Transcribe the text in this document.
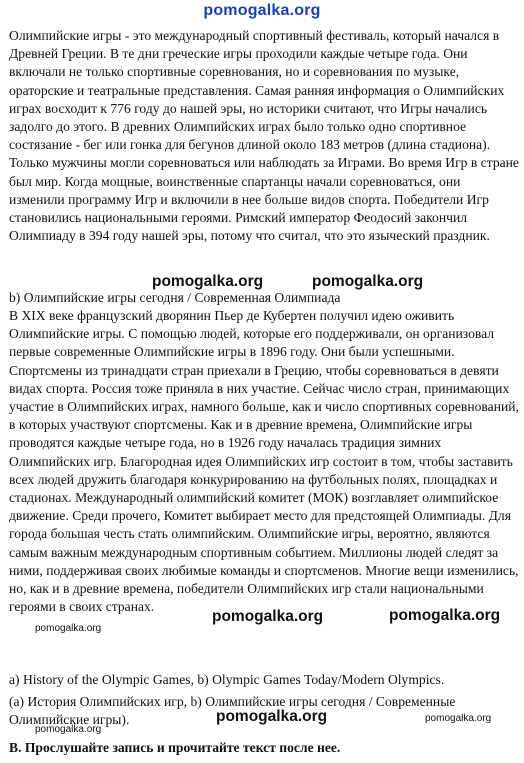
pomogalka.org

Олимпийские игры - это международный спортивный фестиваль, который начался в Древней Греции. В те дни греческие игры проходили каждые четыре года. Они включали не только спортивные соревнования, но и соревнования по музыке, ораторские и театральные представления. Самая ранняя информация о Олимпийских играх восходит к 776 году до нашей эры, но историки считают, что Игры начались задолго до этого. В древних Олимпийских играх было только одно спортивное состязание - бег или гонка для бегунов длиной около 183 метров (длина стадиона). Только мужчины могли соревноваться или наблюдать за Играми. Во время Игр в стране был мир. Когда мощные, воинственные спартанцы начали соревноваться, они изменили программу Игр и включили в нее больше видов спорта. Победители Игр становились национальными героями. Римский император Феодосий закончил Олимпиаду в 394 году нашей эры, потому что считал, что это языческий праздник.

b) Олимпийские игры сегодня / Современная Олимпиада

В XIX веке французский дворянин Пьер де Кубертен получил идею оживить Олимпийские игры. С помощью людей, которые его поддерживали, он организовал первые современные Олимпийские игры в 1896 году. Они были успешными. Спортсмены из тринадцати стран приехали в Грецию, чтобы соревноваться в девяти видах спорта. Россия тоже приняла в них участие. Сейчас число стран, принимающих участие в Олимпийских играх, намного больше, как и число спортивных соревнований, в которых участвуют спортсмены. Как и в древние времена, Олимпийские игры проводятся каждые четыре года, но в 1926 году началась традиция зимних Олимпийских игр. Благородная идея Олимпийских игр состоит в том, чтобы заставить всех людей дружить благодаря конкурированию на футбольных полях, площадках и стадионах. Международный олимпийский комитет (МОК) возглавляет олимпийское движение. Среди прочего, Комитет выбирает место для предстоящей Олимпиады. Для города большая честь стать олимпийским. Олимпийские игры, вероятно, являются самым важным международным спортивным событием. Миллионы людей следят за ними, поддерживая своих любимые команды и спортсменов. Многие вещи изменились, но, как и в древние времена, победители Олимпийских игр стали национальными героями в своих странах.

a) History of the Olympic Games, b) Olympic Games Today/Modern Olympics.

(a) История Олимпийских игр, b) Олимпийские игры сегодня / Современные Олимпийские игры).

B. Прослушайте запись и прочитайте текст после нее.

pomogalka.org	pomogalka.org
pomogalka.org
pomogalka.org	pomogalka.org
pomogalka.org
pomogalka.org	pomogalka.org
